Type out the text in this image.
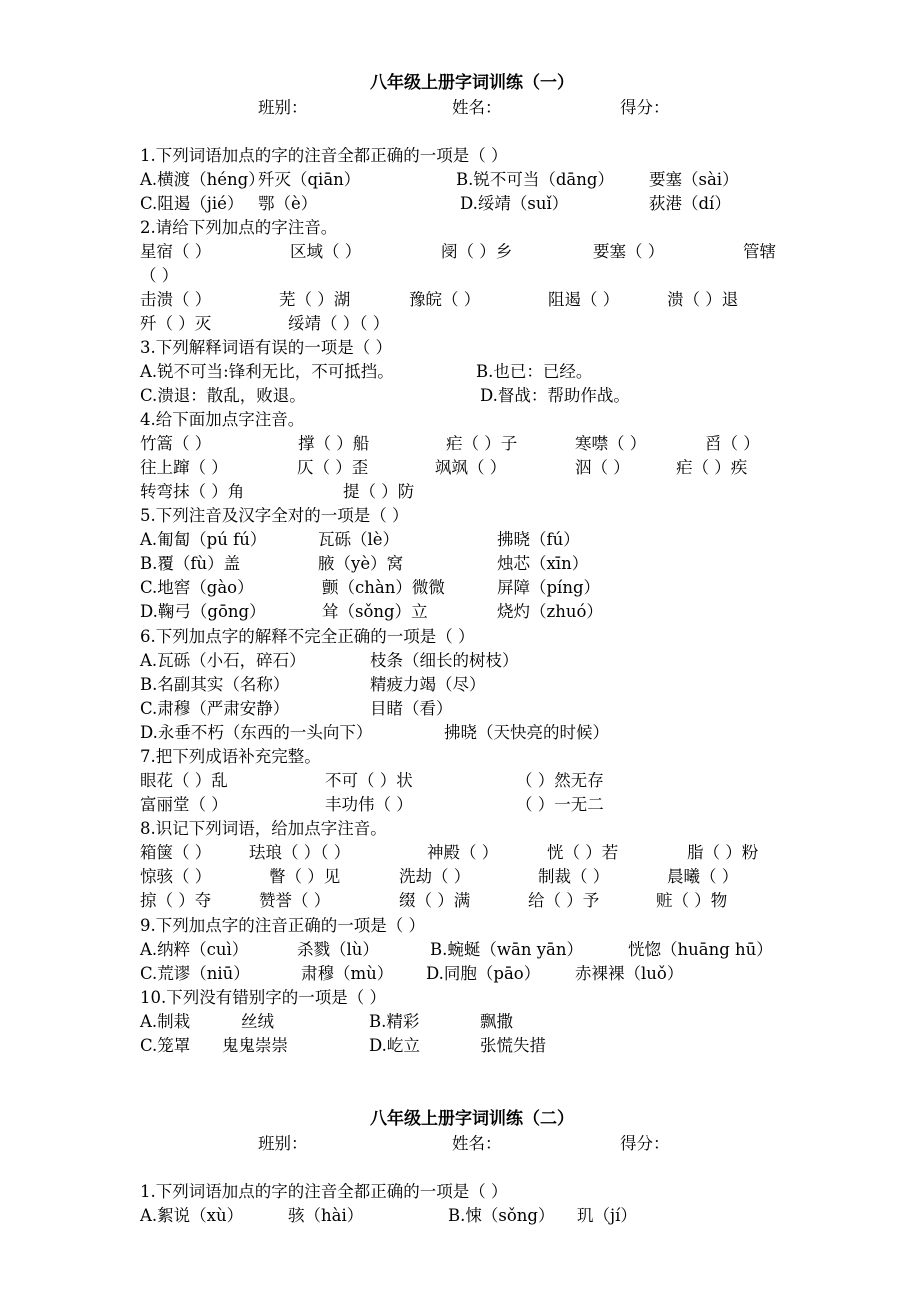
八年级上册字词训练（一）
班别：	姓名：	得分：
1.下列词语加点的字的注音全都正确的一项是（ ）
A.横渡（héng）
歼灭（qiān）	B.锐不可当（dāng） 要塞（sài）
C.阻遏（jié） 鄂（è）	D.绥靖（suǐ）	荻港（dí）
2.请给下列加点的字注音。
星宿（ ）	区域（ ）	阌（ ）乡	要塞（ ）	管辖
（ ）
击溃（ ）	芜（ ）湖	豫皖（ ）	阻遏（ ）	溃（ ）退
歼（ ）灭	绥靖（ ）（ ）
3.下列解释词语有误的一项是（ ）
A.锐不可当:锋利无比，不可抵挡。	B.也已：已经。
C.溃退：散乱，败退。	D.督战：帮助作战。
4.给下面加点字注音。
竹篙（ ）	撑（ ）船	疟（ ）子	寒噤（ ）	舀（ ）
往上蹿（ ）	仄（ ）歪	飒飒（ ）	泅（ ）	疟（ ）疾
转弯抹（ ）角	提（ ）防
5.下列注音及汉字全对的一项是（ ）
A.匍匐（pú fú）	瓦砾（lè）	拂晓（fú）
B.覆（fù）盖	腋（yè）窝	烛芯（xīn）
C.地窖（gào）	颤（chàn）微微	屏障（píng）
D.鞠弓（gōng）	耸（sǒng）立	烧灼（zhuó）
6.下列加点字的解释不完全正确的一项是（ ）
A.瓦砾（小石，碎石）	枝条（细长的树枝）
B.名副其实（名称）	精疲力竭（尽）
C.肃穆（严肃安静）	目睹（看）
D.永垂不朽（东西的一头向下）	拂晓（天快亮的时候）
7.把下列成语补充完整。
眼花（ ）乱	不可（ ）状	（ ）然无存
富丽堂（ ）	丰功伟（ ）	（ ）一无二
8.识记下列词语，给加点字注音。
箱箧（ ） 珐琅（ ）（ ）	神殿（ ）	恍（ ）若	脂（ ）粉
惊骇（ ）	瞥（ ）见	洗劫（ ）	制裁（ ）	晨曦（ ）
掠（ ）夺	赞誉（ ）	缀（ ）满	给（ ）予	赃（ ）物
9.下列加点字的注音正确的一项是（ ）
A.纳粹（cuì）	杀戮（lù）	B.蜿蜒（wān yān）	恍惚（huāng hū）
C.荒谬（niū）	肃穆（mù） D.同胞（pāo） 赤裸裸（luǒ）
10.下列没有错别字的一项是（ ）
A.制栽	丝绒	B.精彩	飘撒
C.笼罩 鬼鬼崇崇	D.屹立	张慌失措
八年级上册字词训练（二）
班别：	姓名：	得分：
1.下列词语加点的字的注音全都正确的一项是（ ）
A.絮说（xù）	骇（hài）	B.悚（sǒng） 玑（jí）
